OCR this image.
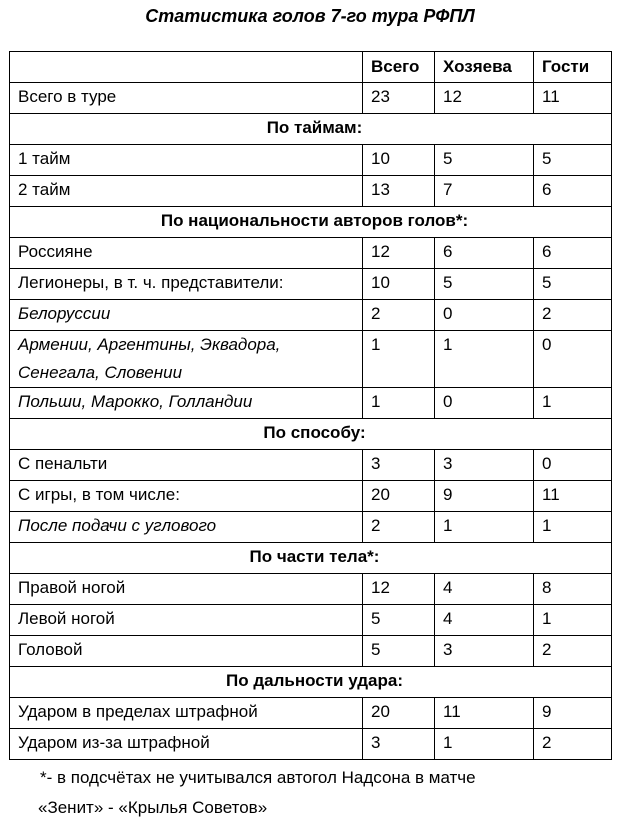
Статистика голов 7-го тура РФПЛ
	Всего	Хозяева	Гости
Всего в туре	23	12	11
По таймам:			
1 тайм	10	5	5
2 тайм	13	7	6
По национальности авторов голов*:			
Россияне	12	6	6
Легионеры, в т. ч. представители:	10	5	5
Белоруссии	2	0	2
Армении, Аргентины, Эквадора, Сенегала, Словении	1	1	0
Польши, Марокко, Голландии	1	0	1
По способу:			
С пенальти	3	3	0
С игры, в том числе:	20	9	11
После подачи с углового	2	1	1
По части тела*:			
Правой ногой	12	4	8
Левой ногой	5	4	1
Головой	5	3	2
По дальности удара:			
Ударом в пределах штрафной	20	11	9
Ударом из-за штрафной	3	1	2
*- в подсчётах не учитывался автогол Надсона в матче
«Зенит» - «Крылья Советов»
